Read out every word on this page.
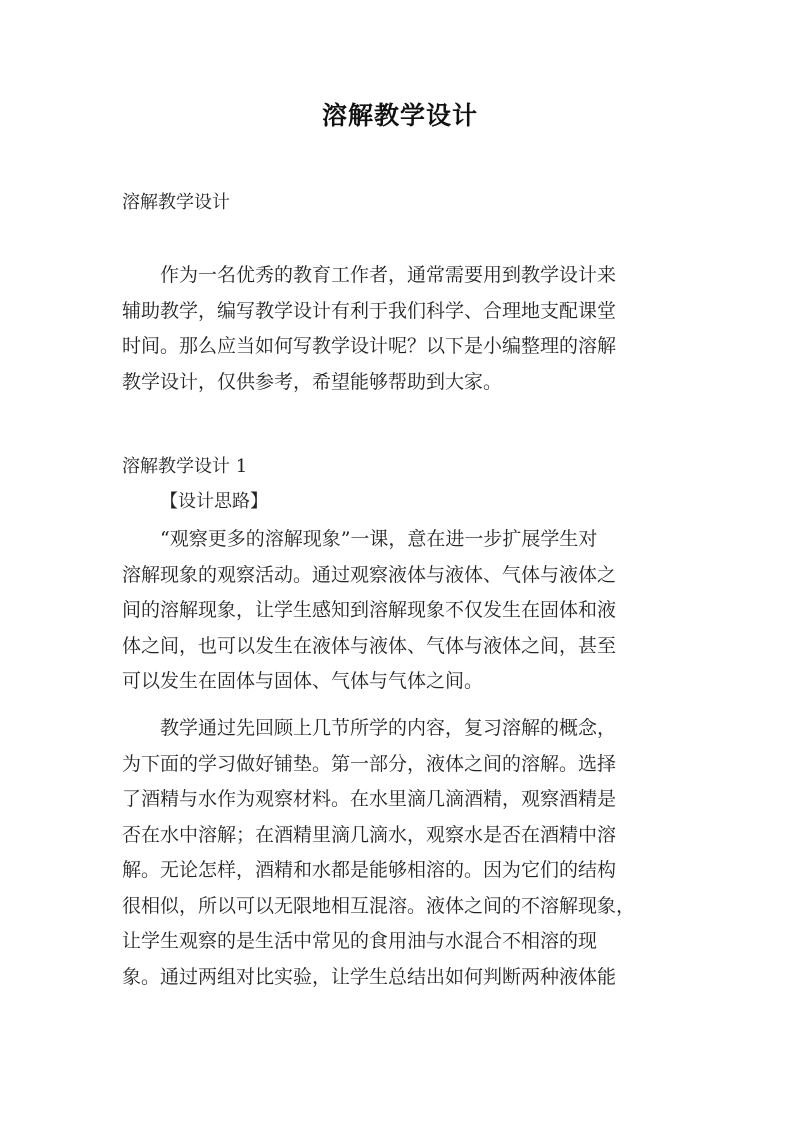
溶解教学设计
溶解教学设计
作为一名优秀的教育工作者，通常需要用到教学设计来
辅助教学，编写教学设计有利于我们科学、合理地支配课堂
时间。那么应当如何写教学设计呢？以下是小编整理的溶解
教学设计，仅供参考，希望能够帮助到大家。
溶解教学设计 1
【设计思路】
“观察更多的溶解现象”一课，意在进一步扩展学生对
溶解现象的观察活动。通过观察液体与液体、气体与液体之
间的溶解现象，让学生感知到溶解现象不仅发生在固体和液
体之间，也可以发生在液体与液体、气体与液体之间，甚至
可以发生在固体与固体、气体与气体之间。
教学通过先回顾上几节所学的内容，复习溶解的概念，
为下面的学习做好铺垫。第一部分，液体之间的溶解。选择
了酒精与水作为观察材料。在水里滴几滴酒精，观察酒精是
否在水中溶解；在酒精里滴几滴水，观察水是否在酒精中溶
解。无论怎样，酒精和水都是能够相溶的。因为它们的结构
很相似，所以可以无限地相互混溶。液体之间的不溶解现象，
让学生观察的是生活中常见的食用油与水混合不相溶的现
象。通过两组对比实验，让学生总结出如何判断两种液体能
